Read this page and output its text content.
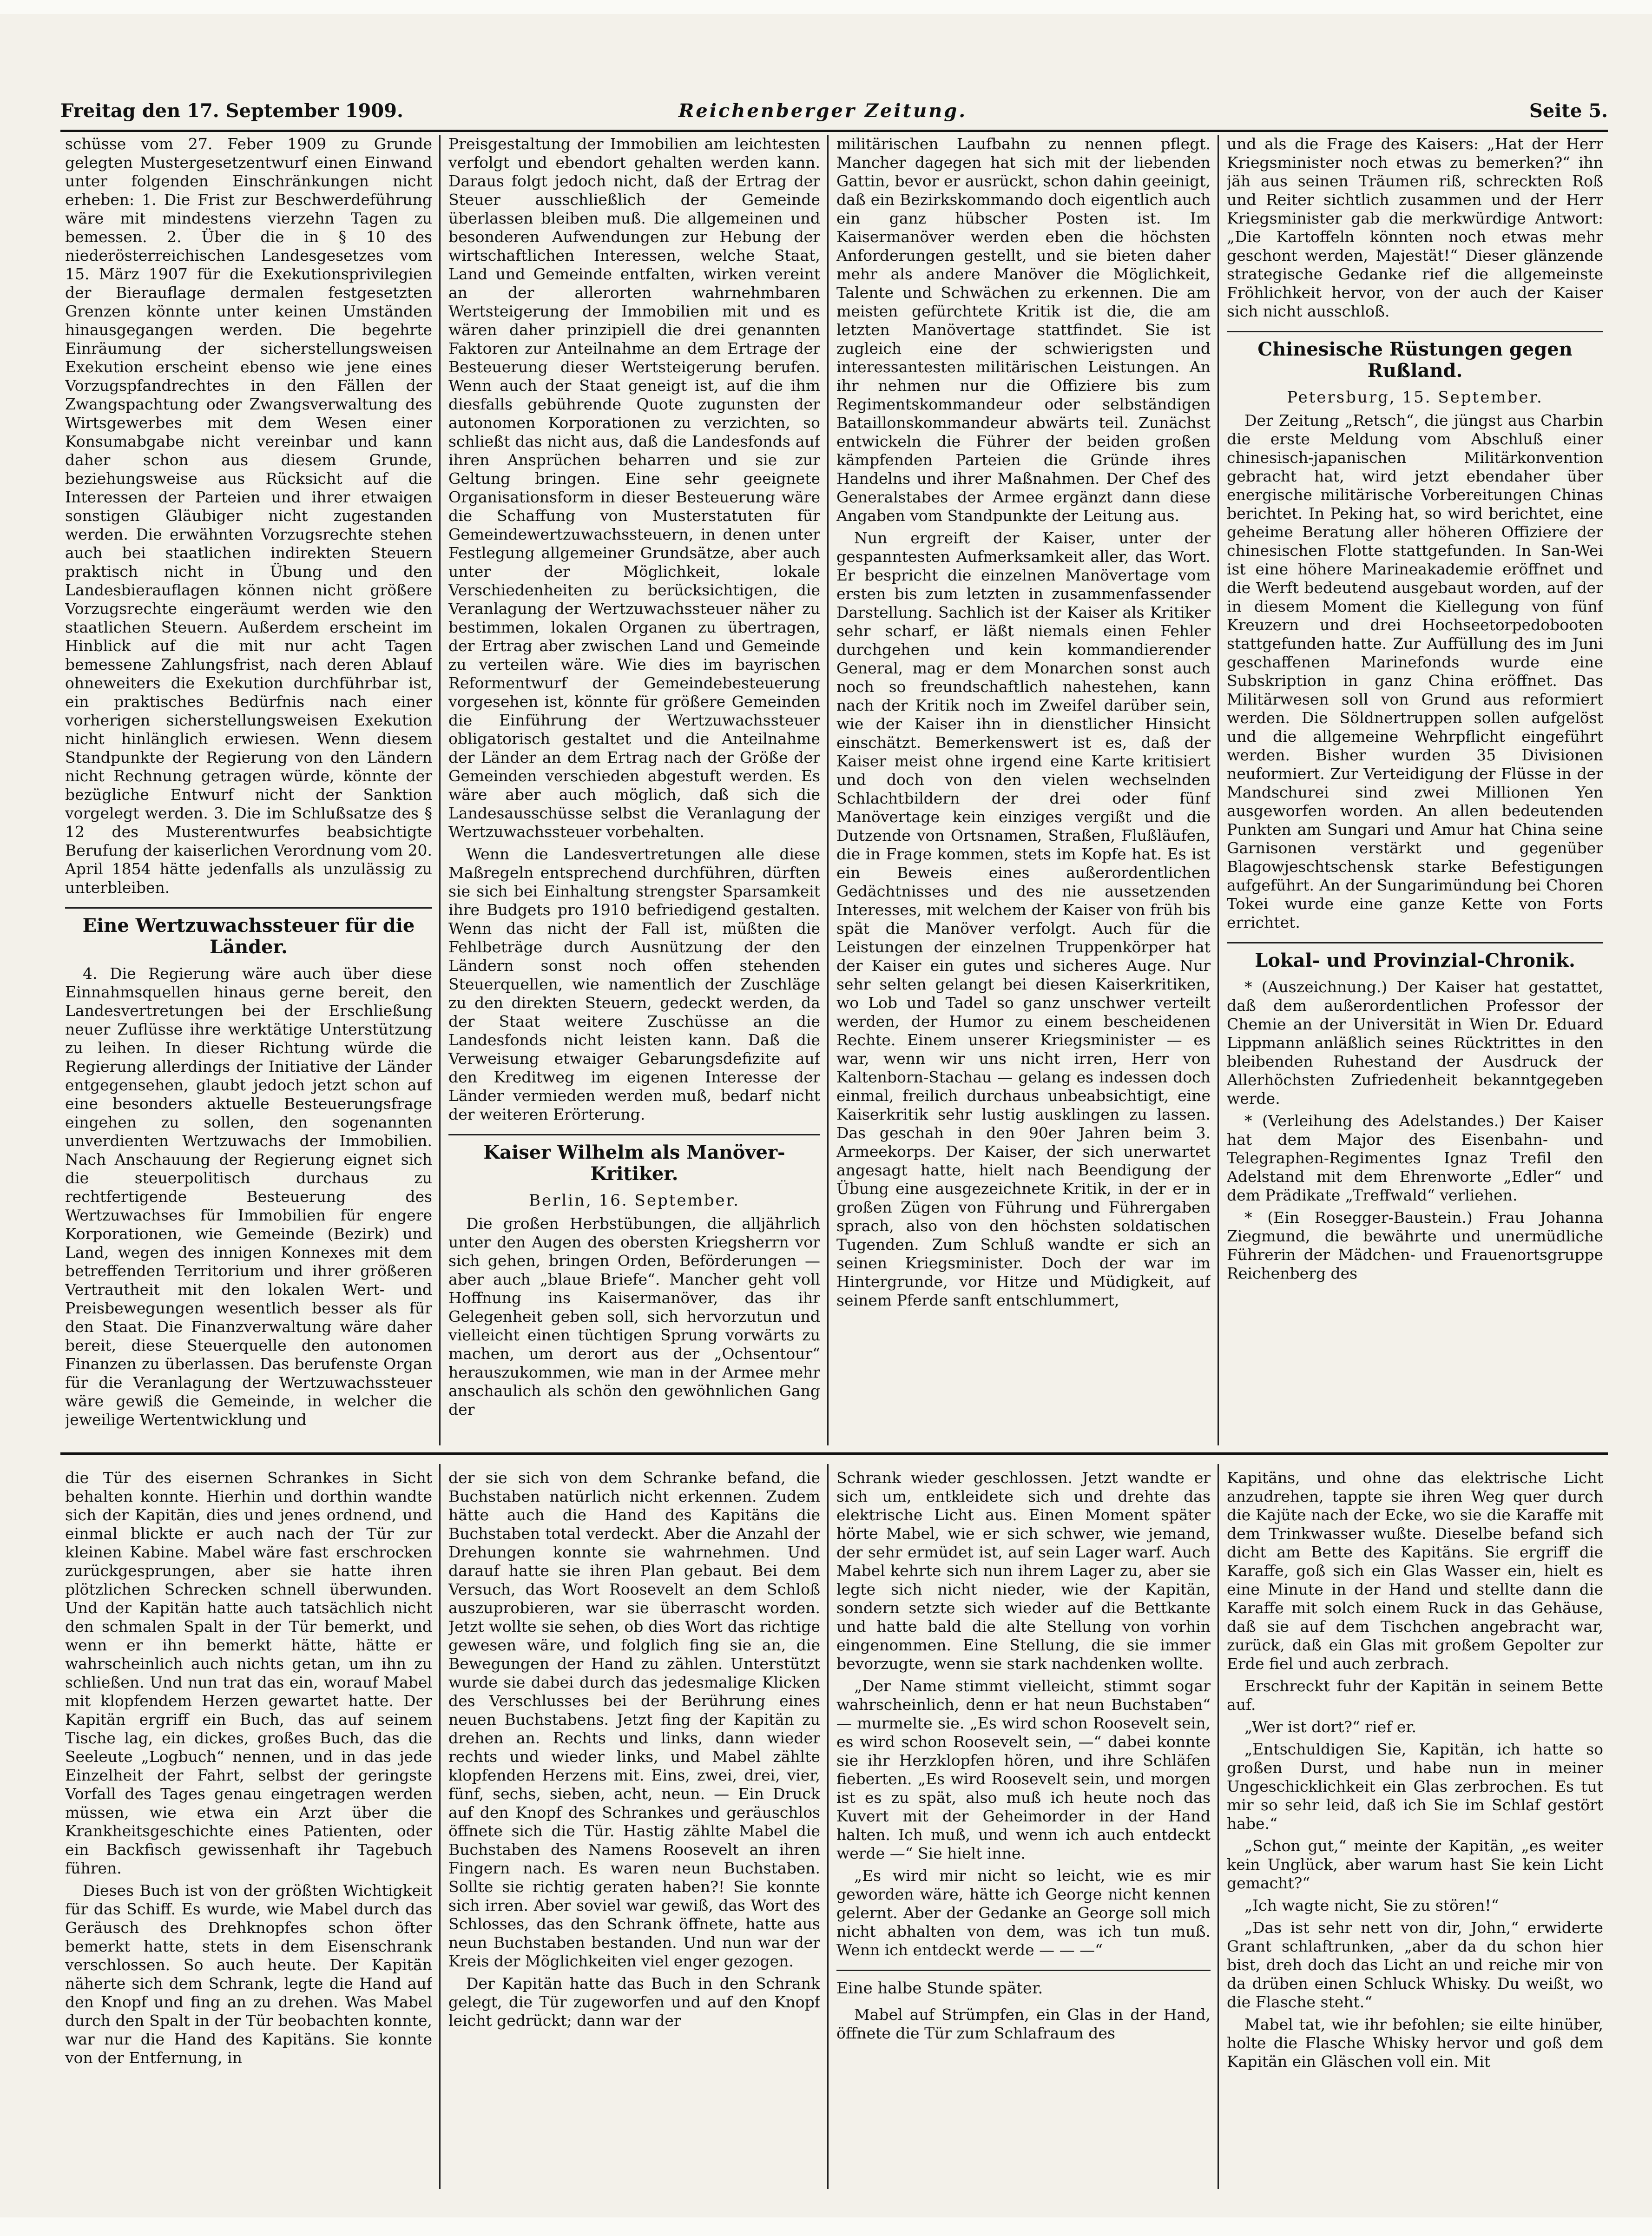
Freitag den 17. September 1909.	Reichenberger Zeitung.	Seite 5.

schüsse vom 27. Feber 1909 zu Grunde gelegten Mustergesetzentwurf einen Einwand unter folgenden Einschränkungen nicht erheben: 1. Die Frist zur Beschwerdeführung wäre mit mindestens vierzehn Tagen zu bemessen. 2. Über die in § 10 des niederösterreichischen Landesgesetzes vom 15. März 1907 für die Exekutionsprivilegien der Bierauflage dermalen festgesetzten Grenzen könnte unter keinen Umständen hinausgegangen werden. Die begehrte Einräumung der sicherstellungsweisen Exekution erscheint ebenso wie jene eines Vorzugspfandrechtes in den Fällen der Zwangspachtung oder Zwangsverwaltung des Wirtsgewerbes mit dem Wesen einer Konsumabgabe nicht vereinbar und kann daher schon aus diesem Grunde, beziehungsweise aus Rücksicht auf die Interessen der Parteien und ihrer etwaigen sonstigen Gläubiger nicht zugestanden werden. Die erwähnten Vorzugsrechte stehen auch bei staatlichen indirekten Steuern praktisch nicht in Übung und den Landesbierauflagen können nicht größere Vorzugsrechte eingeräumt werden wie den staatlichen Steuern. Außerdem erscheint im Hinblick auf die mit nur acht Tagen bemessene Zahlungsfrist, nach deren Ablauf ohneweiters die Exekution durchführbar ist, ein praktisches Bedürfnis nach einer vorherigen sicherstellungsweisen Exekution nicht hinlänglich erwiesen. Wenn diesem Standpunkte der Regierung von den Ländern nicht Rechnung getragen würde, könnte der bezügliche Entwurf nicht der Sanktion vorgelegt werden. 3. Die im Schlußsatze des § 12 des Musterentwurfes beabsichtigte Berufung der kaiserlichen Verordnung vom 20. April 1854 hätte jedenfalls als unzulässig zu unterbleiben.

Eine Wertzuwachssteuer für die Länder.

4. Die Regierung wäre auch über diese Einnahmsquellen hinaus gerne bereit, den Landesvertretungen bei der Erschließung neuer Zuflüsse ihre werktätige Unterstützung zu leihen. In dieser Richtung würde die Regierung allerdings der Initiative der Länder entgegensehen, glaubt jedoch jetzt schon auf eine besonders aktuelle Besteuerungsfrage eingehen zu sollen, den sogenannten unverdienten Wertzuwachs der Immobilien. Nach Anschauung der Regierung eignet sich die steuerpolitisch durchaus zu rechtfertigende Besteuerung des Wertzuwachses für Immobilien für engere Korporationen, wie Gemeinde (Bezirk) und Land, wegen des innigen Konnexes mit dem betreffenden Territorium und ihrer größeren Vertrautheit mit den lokalen Wert- und Preisbewegungen wesentlich besser als für den Staat. Die Finanzverwaltung wäre daher bereit, diese Steuerquelle den autonomen Finanzen zu überlassen. Das berufenste Organ für die Veranlagung der Wertzuwachssteuer wäre gewiß die Gemeinde, in welcher die jeweilige Wertentwicklung und

Preisgestaltung der Immobilien am leichtesten verfolgt und ebendort gehalten werden kann. Daraus folgt jedoch nicht, daß der Ertrag der Steuer ausschließlich der Gemeinde überlassen bleiben muß. Die allgemeinen und besonderen Aufwendungen zur Hebung der wirtschaftlichen Interessen, welche Staat, Land und Gemeinde entfalten, wirken vereint an der allerorten wahrnehmbaren Wertsteigerung der Immobilien mit und es wären daher prinzipiell die drei genannten Faktoren zur Anteilnahme an dem Ertrage der Besteuerung dieser Wertsteigerung berufen. Wenn auch der Staat geneigt ist, auf die ihm diesfalls gebührende Quote zugunsten der autonomen Korporationen zu verzichten, so schließt das nicht aus, daß die Landesfonds auf ihren Ansprüchen beharren und sie zur Geltung bringen. Eine sehr geeignete Organisationsform in dieser Besteuerung wäre die Schaffung von Musterstatuten für Gemeindewertzuwachssteuern, in denen unter Festlegung allgemeiner Grundsätze, aber auch unter der Möglichkeit, lokale Verschiedenheiten zu berücksichtigen, die Veranlagung der Wertzuwachssteuer näher zu bestimmen, lokalen Organen zu übertragen, der Ertrag aber zwischen Land und Gemeinde zu verteilen wäre. Wie dies im bayrischen Reformentwurf der Gemeindebesteuerung vorgesehen ist, könnte für größere Gemeinden die Einführung der Wertzuwachssteuer obligatorisch gestaltet und die Anteilnahme der Länder an dem Ertrag nach der Größe der Gemeinden verschieden abgestuft werden. Es wäre aber auch möglich, daß sich die Landesausschüsse selbst die Veranlagung der Wertzuwachssteuer vorbehalten.

Wenn die Landesvertretungen alle diese Maßregeln entsprechend durchführen, dürften sie sich bei Einhaltung strengster Sparsamkeit ihre Budgets pro 1910 befriedigend gestalten. Wenn das nicht der Fall ist, müßten die Fehlbeträge durch Ausnützung der den Ländern sonst noch offen stehenden Steuerquellen, wie namentlich der Zuschläge zu den direkten Steuern, gedeckt werden, da der Staat weitere Zuschüsse an die Landesfonds nicht leisten kann. Daß die Verweisung etwaiger Gebarungsdefizite auf den Kreditweg im eigenen Interesse der Länder vermieden werden muß, bedarf nicht der weiteren Erörterung.

Kaiser Wilhelm als Manöver-Kritiker.
Berlin, 16. September.

Die großen Herbstübungen, die alljährlich unter den Augen des obersten Kriegsherrn vor sich gehen, bringen Orden, Beförderungen — aber auch „blaue Briefe“. Mancher geht voll Hoffnung ins Kaisermanöver, das ihr Gelegenheit geben soll, sich hervorzutun und vielleicht einen tüchtigen Sprung vorwärts zu machen, um derort aus der „Ochsentour“ herauszukommen, wie man in der Armee mehr anschaulich als schön den gewöhnlichen Gang der

militärischen Laufbahn zu nennen pflegt. Mancher dagegen hat sich mit der liebenden Gattin, bevor er ausrückt, schon dahin geeinigt, daß ein Bezirkskommando doch eigentlich auch ein ganz hübscher Posten ist. Im Kaisermanöver werden eben die höchsten Anforderungen gestellt, und sie bieten daher mehr als andere Manöver die Möglichkeit, Talente und Schwächen zu erkennen. Die am meisten gefürchtete Kritik ist die, die am letzten Manövertage stattfindet. Sie ist zugleich eine der schwierigsten und interessantesten militärischen Leistungen. An ihr nehmen nur die Offiziere bis zum Regimentskommandeur oder selbständigen Bataillonskommandeur abwärts teil. Zunächst entwickeln die Führer der beiden großen kämpfenden Parteien die Gründe ihres Handelns und ihrer Maßnahmen. Der Chef des Generalstabes der Armee ergänzt dann diese Angaben vom Standpunkte der Leitung aus.

Nun ergreift der Kaiser, unter der gespanntesten Aufmerksamkeit aller, das Wort. Er bespricht die einzelnen Manövertage vom ersten bis zum letzten in zusammenfassender Darstellung. Sachlich ist der Kaiser als Kritiker sehr scharf, er läßt niemals einen Fehler durchgehen und kein kommandierender General, mag er dem Monarchen sonst auch noch so freundschaftlich nahestehen, kann nach der Kritik noch im Zweifel darüber sein, wie der Kaiser ihn in dienstlicher Hinsicht einschätzt. Bemerkenswert ist es, daß der Kaiser meist ohne irgend eine Karte kritisiert und doch von den vielen wechselnden Schlachtbildern der drei oder fünf Manövertage kein einziges vergißt und die Dutzende von Ortsnamen, Straßen, Flußläufen, die in Frage kommen, stets im Kopfe hat. Es ist ein Beweis eines außerordentlichen Gedächtnisses und des nie aussetzenden Interesses, mit welchem der Kaiser von früh bis spät die Manöver verfolgt. Auch für die Leistungen der einzelnen Truppenkörper hat der Kaiser ein gutes und sicheres Auge. Nur sehr selten gelangt bei diesen Kaiserkritiken, wo Lob und Tadel so ganz unschwer verteilt werden, der Humor zu einem bescheidenen Rechte. Einem unserer Kriegsminister — es war, wenn wir uns nicht irren, Herr von Kaltenborn-Stachau — gelang es indessen doch einmal, freilich durchaus unbeabsichtigt, eine Kaiserkritik sehr lustig ausklingen zu lassen. Das geschah in den 90er Jahren beim 3. Armeekorps. Der Kaiser, der sich unerwartet angesagt hatte, hielt nach Beendigung der Übung eine ausgezeichnete Kritik, in der er in großen Zügen von Führung und Führergaben sprach, also von den höchsten soldatischen Tugenden. Zum Schluß wandte er sich an seinen Kriegsminister. Doch der war im Hintergrunde, vor Hitze und Müdigkeit, auf seinem Pferde sanft entschlummert,

und als die Frage des Kaisers: „Hat der Herr Kriegsminister noch etwas zu bemerken?“ ihn jäh aus seinen Träumen riß, schreckten Roß und Reiter sichtlich zusammen und der Herr Kriegsminister gab die merkwürdige Antwort: „Die Kartoffeln könnten noch etwas mehr geschont werden, Majestät!“ Dieser glänzende strategische Gedanke rief die allgemeinste Fröhlichkeit hervor, von der auch der Kaiser sich nicht ausschloß.

Chinesische Rüstungen gegen Rußland.
Petersburg, 15. September.

Der Zeitung „Retsch“, die jüngst aus Charbin die erste Meldung vom Abschluß einer chinesisch-japanischen Militärkonvention gebracht hat, wird jetzt ebendaher über energische militärische Vorbereitungen Chinas berichtet. In Peking hat, so wird berichtet, eine geheime Beratung aller höheren Offiziere der chinesischen Flotte stattgefunden. In San-Wei ist eine höhere Marineakademie eröffnet und die Werft bedeutend ausgebaut worden, auf der in diesem Moment die Kiellegung von fünf Kreuzern und drei Hochseetorpedobooten stattgefunden hatte. Zur Auffüllung des im Juni geschaffenen Marinefonds wurde eine Subskription in ganz China eröffnet. Das Militärwesen soll von Grund aus reformiert werden. Die Söldnertruppen sollen aufgelöst und die allgemeine Wehrpflicht eingeführt werden. Bisher wurden 35 Divisionen neuformiert. Zur Verteidigung der Flüsse in der Mandschurei sind zwei Millionen Yen ausgeworfen worden. An allen bedeutenden Punkten am Sungari und Amur hat China seine Garnisonen verstärkt und gegenüber Blagowjeschtschensk starke Befestigungen aufgeführt. An der Sungarimündung bei Choren Tokei wurde eine ganze Kette von Forts errichtet.

Lokal- und Provinzial-Chronik.

* (Auszeichnung.) Der Kaiser hat gestattet, daß dem außerordentlichen Professor der Chemie an der Universität in Wien Dr. Eduard Lippmann anläßlich seines Rücktrittes in den bleibenden Ruhestand der Ausdruck der Allerhöchsten Zufriedenheit bekanntgegeben werde.

* (Verleihung des Adelstandes.) Der Kaiser hat dem Major des Eisenbahn- und Telegraphen-Regimentes Ignaz Trefil den Adelstand mit dem Ehrenworte „Edler“ und dem Prädikate „Treffwald“ verliehen.

* (Ein Rosegger-Baustein.) Frau Johanna Ziegmund, die bewährte und unermüdliche Führerin der Mädchen- und Frauenortsgruppe Reichenberg des

die Tür des eisernen Schrankes in Sicht behalten konnte. Hierhin und dorthin wandte sich der Kapitän, dies und jenes ordnend, und einmal blickte er auch nach der Tür zur kleinen Kabine. Mabel wäre fast erschrocken zurückgesprungen, aber sie hatte ihren plötzlichen Schrecken schnell überwunden. Und der Kapitän hatte auch tatsächlich nicht den schmalen Spalt in der Tür bemerkt, und wenn er ihn bemerkt hätte, hätte er wahrscheinlich auch nichts getan, um ihn zu schließen. Und nun trat das ein, worauf Mabel mit klopfendem Herzen gewartet hatte. Der Kapitän ergriff ein Buch, das auf seinem Tische lag, ein dickes, großes Buch, das die Seeleute „Logbuch“ nennen, und in das jede Einzelheit der Fahrt, selbst der geringste Vorfall des Tages genau eingetragen werden müssen, wie etwa ein Arzt über die Krankheitsgeschichte eines Patienten, oder ein Backfisch gewissenhaft ihr Tagebuch führen.

Dieses Buch ist von der größten Wichtigkeit für das Schiff. Es wurde, wie Mabel durch das Geräusch des Drehknopfes schon öfter bemerkt hatte, stets in dem Eisenschrank verschlossen. So auch heute. Der Kapitän näherte sich dem Schrank, legte die Hand auf den Knopf und fing an zu drehen. Was Mabel durch den Spalt in der Tür beobachten konnte, war nur die Hand des Kapitäns. Sie konnte von der Entfernung, in

der sie sich von dem Schranke befand, die Buchstaben natürlich nicht erkennen. Zudem hätte auch die Hand des Kapitäns die Buchstaben total verdeckt. Aber die Anzahl der Drehungen konnte sie wahrnehmen. Und darauf hatte sie ihren Plan gebaut. Bei dem Versuch, das Wort Roosevelt an dem Schloß auszuprobieren, war sie überrascht worden. Jetzt wollte sie sehen, ob dies Wort das richtige gewesen wäre, und folglich fing sie an, die Bewegungen der Hand zu zählen. Unterstützt wurde sie dabei durch das jedesmalige Klicken des Verschlusses bei der Berührung eines neuen Buchstabens. Jetzt fing der Kapitän zu drehen an. Rechts und links, dann wieder rechts und wieder links, und Mabel zählte klopfenden Herzens mit. Eins, zwei, drei, vier, fünf, sechs, sieben, acht, neun. — Ein Druck auf den Knopf des Schrankes und geräuschlos öffnete sich die Tür. Hastig zählte Mabel die Buchstaben des Namens Roosevelt an ihren Fingern nach. Es waren neun Buchstaben. Sollte sie richtig geraten haben?! Sie konnte sich irren. Aber soviel war gewiß, das Wort des Schlosses, das den Schrank öffnete, hatte aus neun Buchstaben bestanden. Und nun war der Kreis der Möglichkeiten viel enger gezogen.

Der Kapitän hatte das Buch in den Schrank gelegt, die Tür zugeworfen und auf den Knopf leicht gedrückt; dann war der

Schrank wieder geschlossen. Jetzt wandte er sich um, entkleidete sich und drehte das elektrische Licht aus. Einen Moment später hörte Mabel, wie er sich schwer, wie jemand, der sehr ermüdet ist, auf sein Lager warf. Auch Mabel kehrte sich nun ihrem Lager zu, aber sie legte sich nicht nieder, wie der Kapitän, sondern setzte sich wieder auf die Bettkante und hatte bald die alte Stellung von vorhin eingenommen. Eine Stellung, die sie immer bevorzugte, wenn sie stark nachdenken wollte.

„Der Name stimmt vielleicht, stimmt sogar wahrscheinlich, denn er hat neun Buchstaben“ — murmelte sie. „Es wird schon Roosevelt sein, es wird schon Roosevelt sein, —“ dabei konnte sie ihr Herzklopfen hören, und ihre Schläfen fieberten. „Es wird Roosevelt sein, und morgen ist es zu spät, also muß ich heute noch das Kuvert mit der Geheimorder in der Hand halten. Ich muß, und wenn ich auch entdeckt werde —“ Sie hielt inne.

„Es wird mir nicht so leicht, wie es mir geworden wäre, hätte ich George nicht kennen gelernt. Aber der Gedanke an George soll mich nicht abhalten von dem, was ich tun muß. Wenn ich entdeckt werde — — —“

Eine halbe Stunde später.

Mabel auf Strümpfen, ein Glas in der Hand, öffnete die Tür zum Schlafraum des

Kapitäns, und ohne das elektrische Licht anzudrehen, tappte sie ihren Weg quer durch die Kajüte nach der Ecke, wo sie die Karaffe mit dem Trinkwasser wußte. Dieselbe befand sich dicht am Bette des Kapitäns. Sie ergriff die Karaffe, goß sich ein Glas Wasser ein, hielt es eine Minute in der Hand und stellte dann die Karaffe mit solch einem Ruck in das Gehäuse, daß sie auf dem Tischchen angebracht war, zurück, daß ein Glas mit großem Gepolter zur Erde fiel und auch zerbrach.

Erschreckt fuhr der Kapitän in seinem Bette auf.

„Wer ist dort?“ rief er.

„Entschuldigen Sie, Kapitän, ich hatte so großen Durst, und habe nun in meiner Ungeschicklichkeit ein Glas zerbrochen. Es tut mir so sehr leid, daß ich Sie im Schlaf gestört habe.“

„Schon gut,“ meinte der Kapitän, „es weiter kein Unglück, aber warum hast Sie kein Licht gemacht?“

„Ich wagte nicht, Sie zu stören!“

„Das ist sehr nett von dir, John,“ erwiderte Grant schlaftrunken, „aber da du schon hier bist, dreh doch das Licht an und reiche mir von da drüben einen Schluck Whisky. Du weißt, wo die Flasche steht.“

Mabel tat, wie ihr befohlen; sie eilte hinüber, holte die Flasche Whisky hervor und goß dem Kapitän ein Gläschen voll ein. Mit
